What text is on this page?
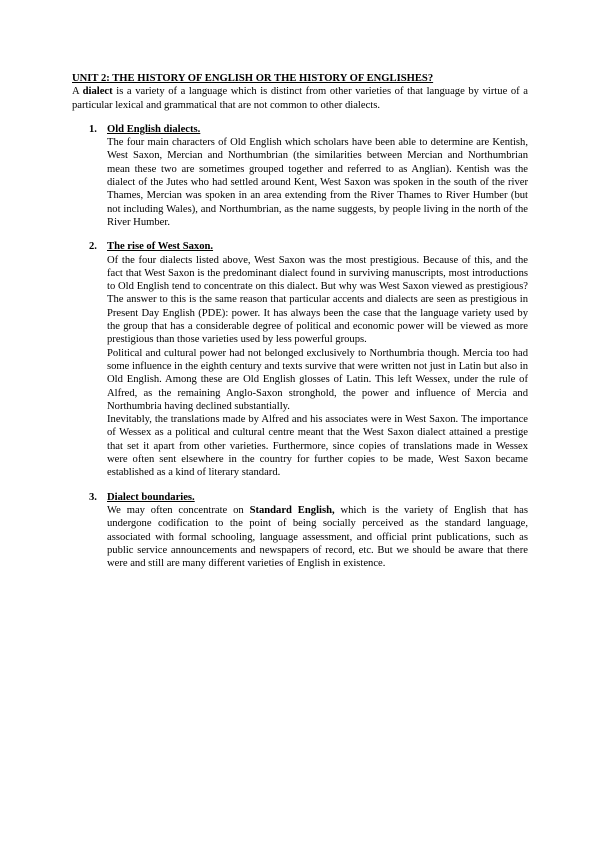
UNIT 2: THE HISTORY OF ENGLISH OR THE HISTORY OF ENGLISHES?

A dialect is a variety of a language which is distinct from other varieties of that language by virtue of a particular lexical and grammatical that are not common to other dialects.

1. Old English dialects.

The four main characters of Old English which scholars have been able to determine are Kentish, West Saxon, Mercian and Northumbrian (the similarities between Mercian and Northumbrian mean these two are sometimes grouped together and referred to as Anglian). Kentish was the dialect of the Jutes who had settled around Kent, West Saxon was spoken in the south of the river Thames, Mercian was spoken in an area extending from the River Thames to River Humber (but not including Wales), and Northumbrian, as the name suggests, by people living in the north of the River Humber.

2. The rise of West Saxon.

Of the four dialects listed above, West Saxon was the most prestigious. Because of this, and the fact that West Saxon is the predominant dialect found in surviving manuscripts, most introductions to Old English tend to concentrate on this dialect. But why was West Saxon viewed as prestigious? The answer to this is the same reason that particular accents and dialects are seen as prestigious in Present Day English (PDE): power. It has always been the case that the language variety used by the group that has a considerable degree of political and economic power will be viewed as more prestigious than those varieties used by less powerful groups.

Political and cultural power had not belonged exclusively to Northumbria though. Mercia too had some influence in the eighth century and texts survive that were written not just in Latin but also in Old English. Among these are Old English glosses of Latin. This left Wessex, under the rule of Alfred, as the remaining Anglo-Saxon stronghold, the power and influence of Mercia and Northumbria having declined substantially.

Inevitably, the translations made by Alfred and his associates were in West Saxon. The importance of Wessex as a political and cultural centre meant that the West Saxon dialect attained a prestige that set it apart from other varieties. Furthermore, since copies of translations made in Wessex were often sent elsewhere in the country for further copies to be made, West Saxon became established as a kind of literary standard.

3. Dialect boundaries.

We may often concentrate on Standard English, which is the variety of English that has undergone codification to the point of being socially perceived as the standard language, associated with formal schooling, language assessment, and official print publications, such as public service announcements and newspapers of record, etc. But we should be aware that there were and still are many different varieties of English in existence.
